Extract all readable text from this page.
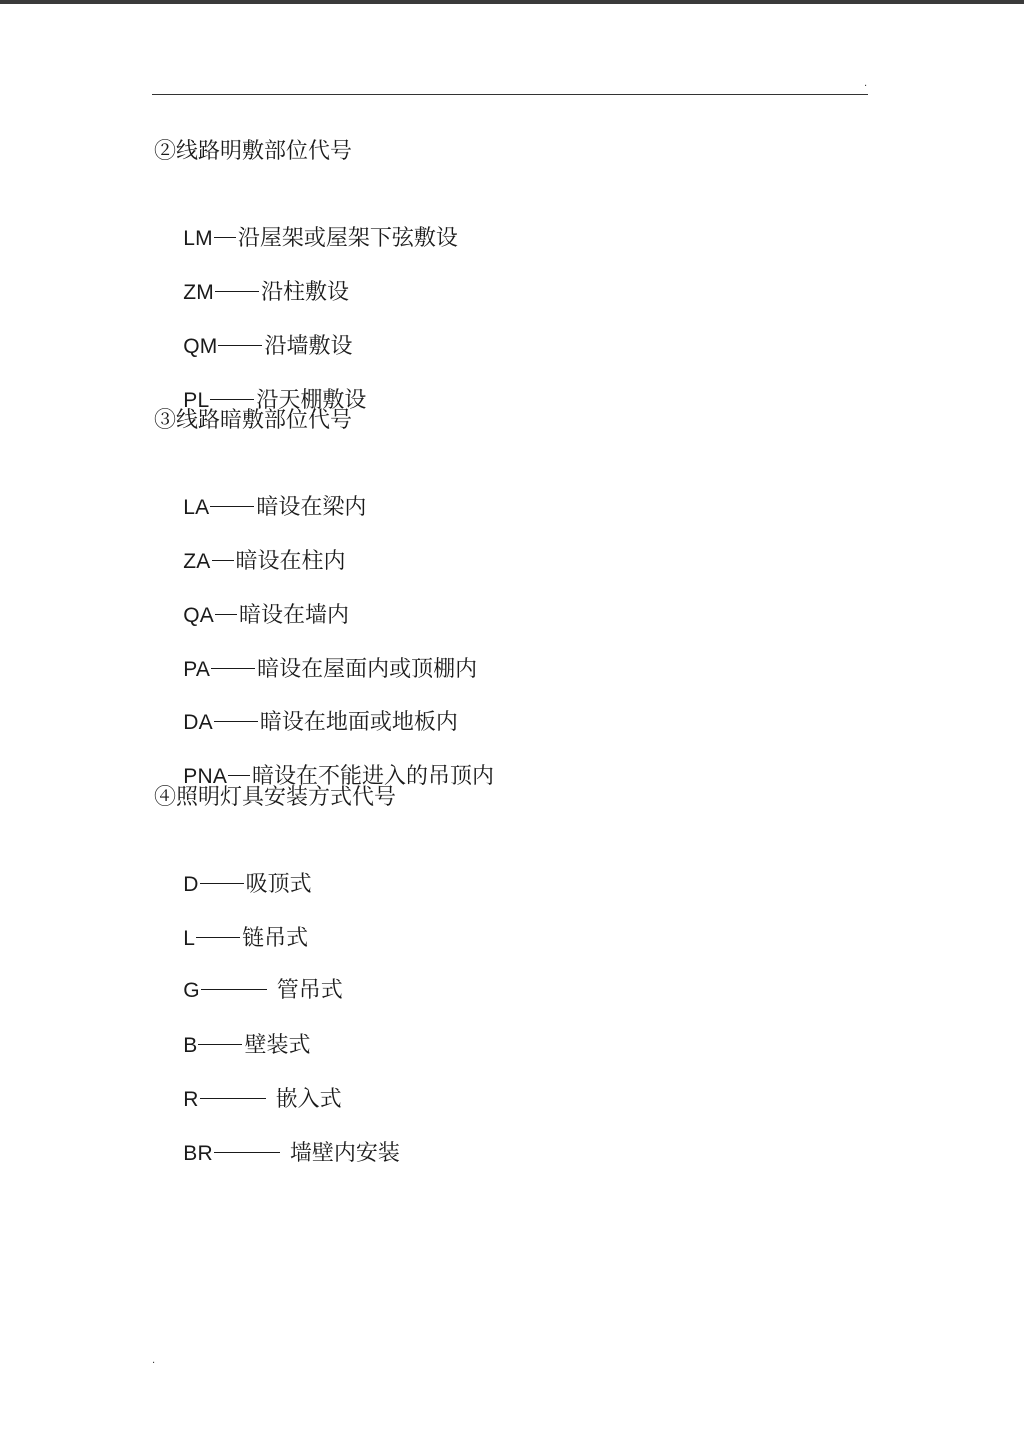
·
②线路明敷部位代号

LM 沿屋架或屋架下弦敷设

ZM 沿柱敷设

QM 沿墙敷设

PL 沿天棚敷设

③线路暗敷部位代号

LA 暗设在梁内

ZA 暗设在柱内

QA 暗设在墙内

PA 暗设在屋面内或顶棚内

DA 暗设在地面或地板内

PNA 暗设在不能进入的吊顶内

④照明灯具安装方式代号

D 吸顶式

L 链吊式

G	管吊式

B 壁装式

R	嵌入式

BR	墙壁内安装

.
